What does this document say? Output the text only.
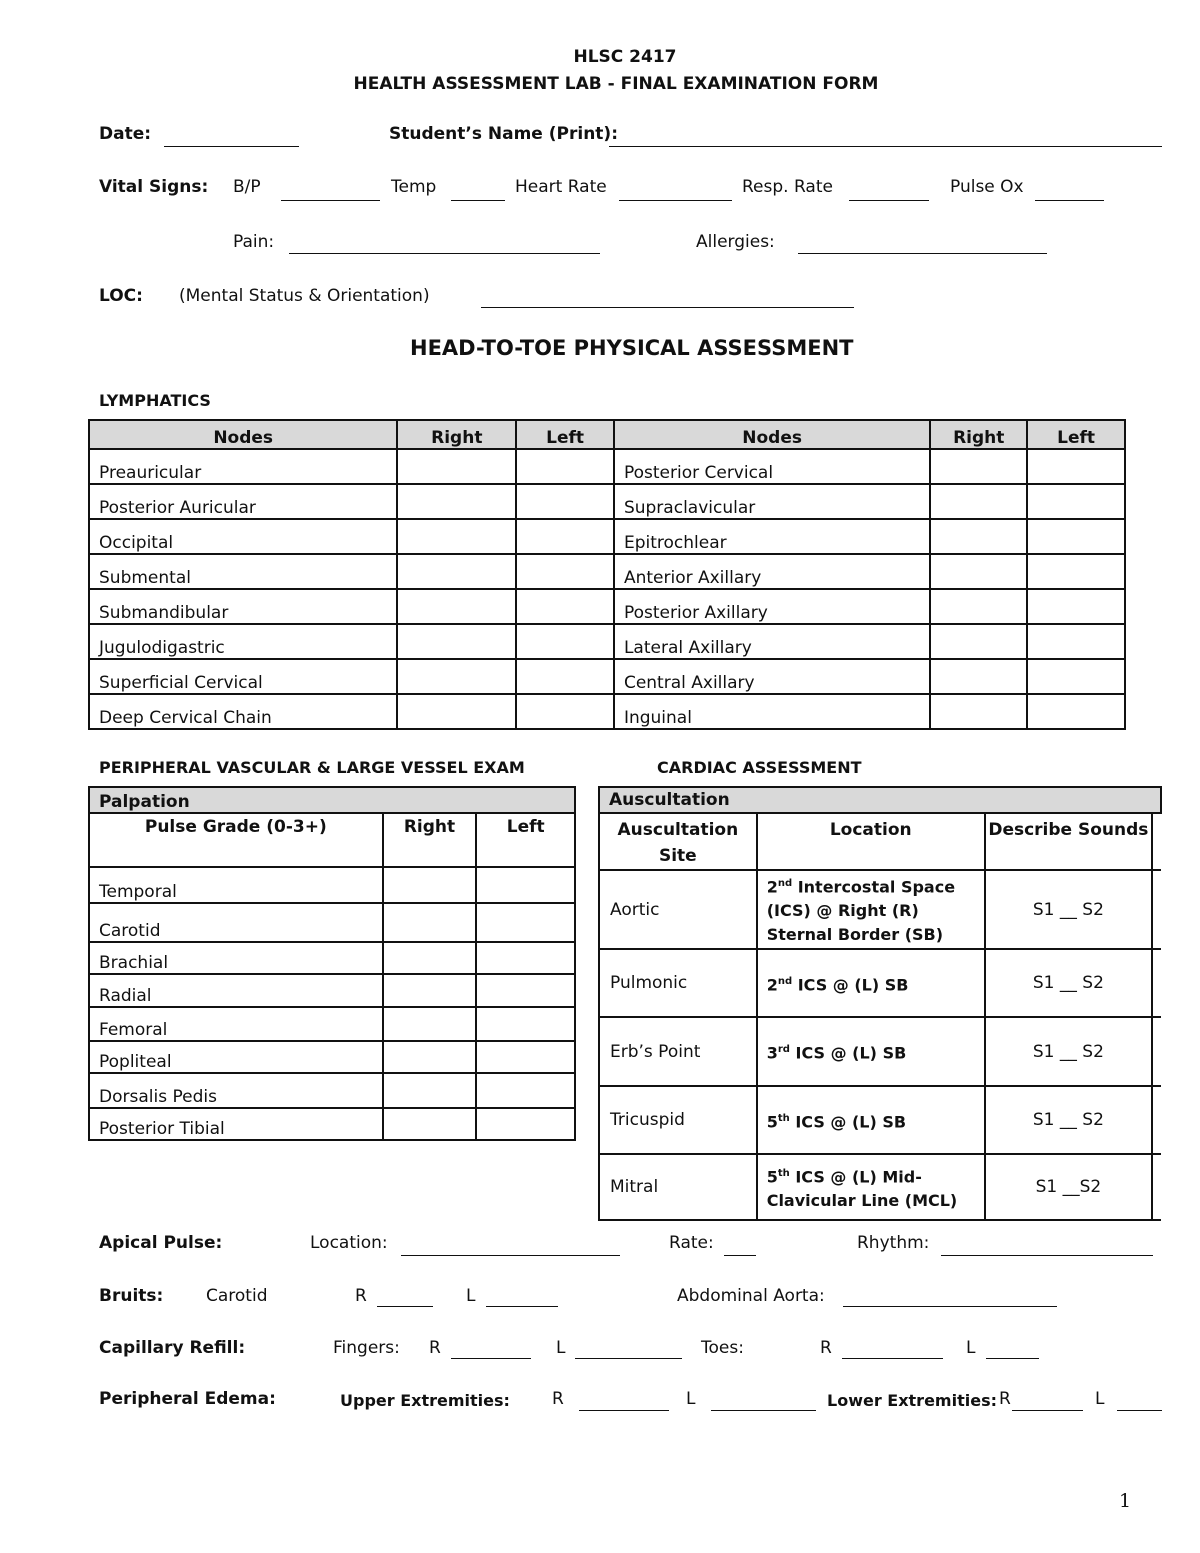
HLSC 2417
HEALTH ASSESSMENT LAB - FINAL EXAMINATION FORM
Date:	Student’s Name (Print):
Vital Signs: B/P	Temp	Heart Rate	Resp. Rate	Pulse Ox
Pain:	Allergies:
LOC: (Mental Status & Orientation)
HEAD-TO-TOE PHYSICAL ASSESSMENT
LYMPHATICS
Nodes	Right	Left	Nodes	Right	Left
Preauricular			Posterior Cervical		
Posterior Auricular			Supraclavicular		
Occipital			Epitrochlear		
Submental			Anterior Axillary		
Submandibular			Posterior Axillary		
Jugulodigastric			Lateral Axillary		
Superficial Cervical			Central Axillary		
Deep Cervical Chain			Inguinal		
PERIPHERAL VASCULAR & LARGE VESSEL EXAM
Palpation		
Pulse Grade (0-3+)	Right	Left
Temporal		
Carotid		
Brachial		
Radial		
Femoral		
Popliteal		
Dorsalis Pedis		
Posterior Tibial		
CARDIAC ASSESSMENT
Auscultation			
Auscultation Site	Location	Describe Sounds	
Aortic	2nd Intercostal Space (ICS) @ Right (R) Sternal Border (SB)	S1 __ S2	
Pulmonic	2nd ICS @ (L) SB	S1 __ S2	
Erb’s Point	3rd ICS @ (L) SB	S1 __ S2	
Tricuspid	5th ICS @ (L) SB	S1 __ S2	
Mitral	5th ICS @ (L) Mid-Clavicular Line (MCL)	S1 __S2	
Apical Pulse:	Location:	Rate:	Rhythm:
Bruits:	Carotid	R	L	Abdominal Aorta:
Capillary Refill:	Fingers: R	L	Toes:	R	L
Peripheral Edema:	Upper Extremities: R	L	Lower Extremities: R	L
1
